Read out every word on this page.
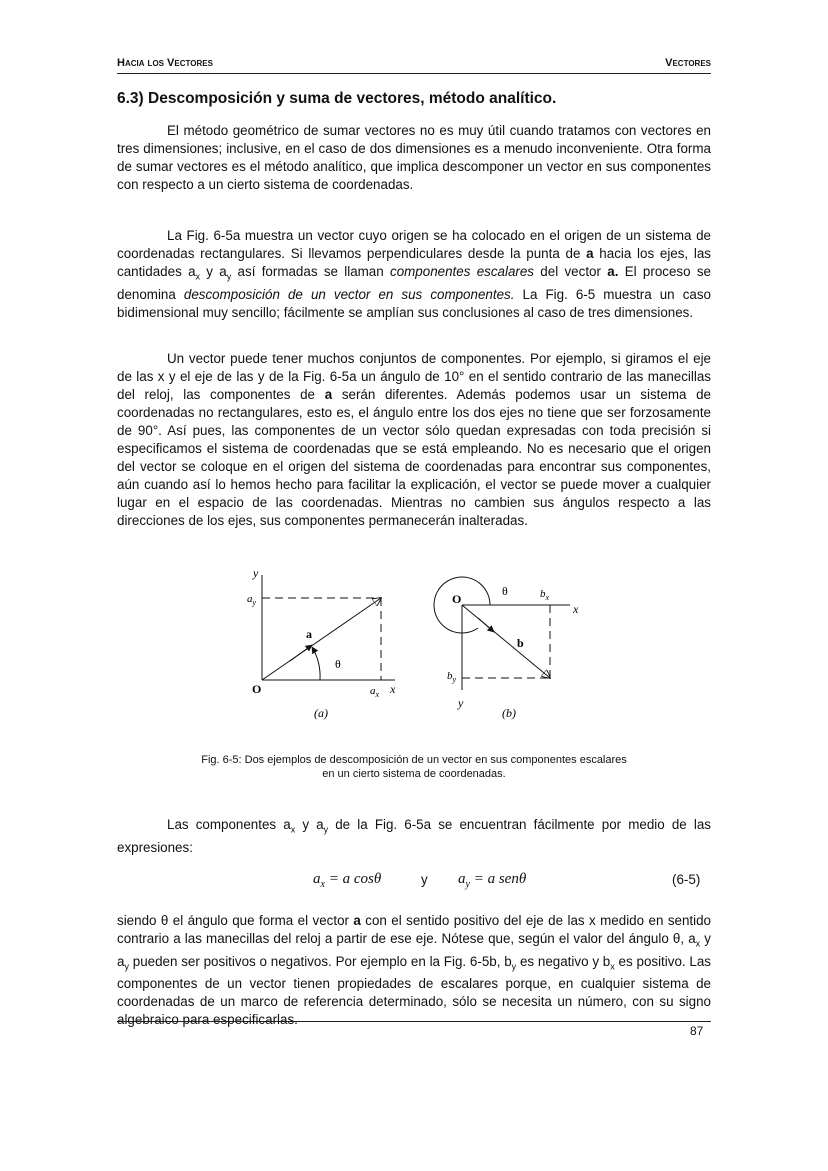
Hacia los Vectores	Vectores
6.3) Descomposición y suma de vectores, método analítico.

El método geométrico de sumar vectores no es muy útil cuando tratamos con vectores en tres dimensiones; inclusive, en el caso de dos dimensiones es a menudo inconveniente. Otra forma de sumar vectores es el método analítico, que implica descomponer un vector en sus componentes con respecto a un cierto sistema de coordenadas.

La Fig. 6-5a muestra un vector cuyo origen se ha colocado en el origen de un sistema de coordenadas rectangulares. Si llevamos perpendiculares desde la punta de a hacia los ejes, las cantidades $a_x$ y $a_y$ así formadas se llaman componentes escalares del vector a. El proceso se denomina descomposición de un vector en sus componentes. La Fig. 6-5 muestra un caso bidimensional muy sencillo; fácilmente se amplían sus conclusiones al caso de tres dimensiones.

Un vector puede tener muchos conjuntos de componentes. Por ejemplo, si giramos el eje de las x y el eje de las y de la Fig. 6-5a un ángulo de 10° en el sentido contrario de las manecillas del reloj, las componentes de a serán diferentes. Además podemos usar un sistema de coordenadas no rectangulares, esto es, el ángulo entre los dos ejes no tiene que ser forzosamente de 90°. Así pues, las componentes de un vector sólo quedan expresadas con toda precisión si especificamos el sistema de coordenadas que se está empleando. No es necesario que el origen del vector se coloque en el origen del sistema de coordenadas para encontrar sus componentes, aún cuando así lo hemos hecho para facilitar la explicación, el vector se puede mover a cualquier lugar en el espacio de las coordenadas. Mientras no cambien sus ángulos respecto a las direcciones de los ejes, sus componentes permanecerán inalteradas.

y
$a_y$
a
θ
O	$a_x$ x
(a)
θ
O	$b_x$
x
b
$b_y$
y
(b)
Fig. 6-5: Dos ejemplos de descomposición de un vector en sus componentes escalares
en un cierto sistema de coordenadas.

Las componentes $a_x$ y $a_y$ de la Fig. 6-5a se encuentran fácilmente por medio de las expresiones:

$a_x = a$ cosθ	y $a_y = a$ senθ	(6-5)

siendo θ el ángulo que forma el vector a con el sentido positivo del eje de las x medido en sentido contrario a las manecillas del reloj a partir de ese eje. Nótese que, según el valor del ángulo θ, $a_x$ y $a_y$ pueden ser positivos o negativos. Por ejemplo en la Fig. 6-5b, $b_y$ es negativo y $b_x$ es positivo. Las componentes de un vector tienen propiedades de escalares porque, en cualquier sistema de coordenadas de un marco de referencia determinado, sólo se necesita un número, con su signo algebraico para especificarlas.

87
